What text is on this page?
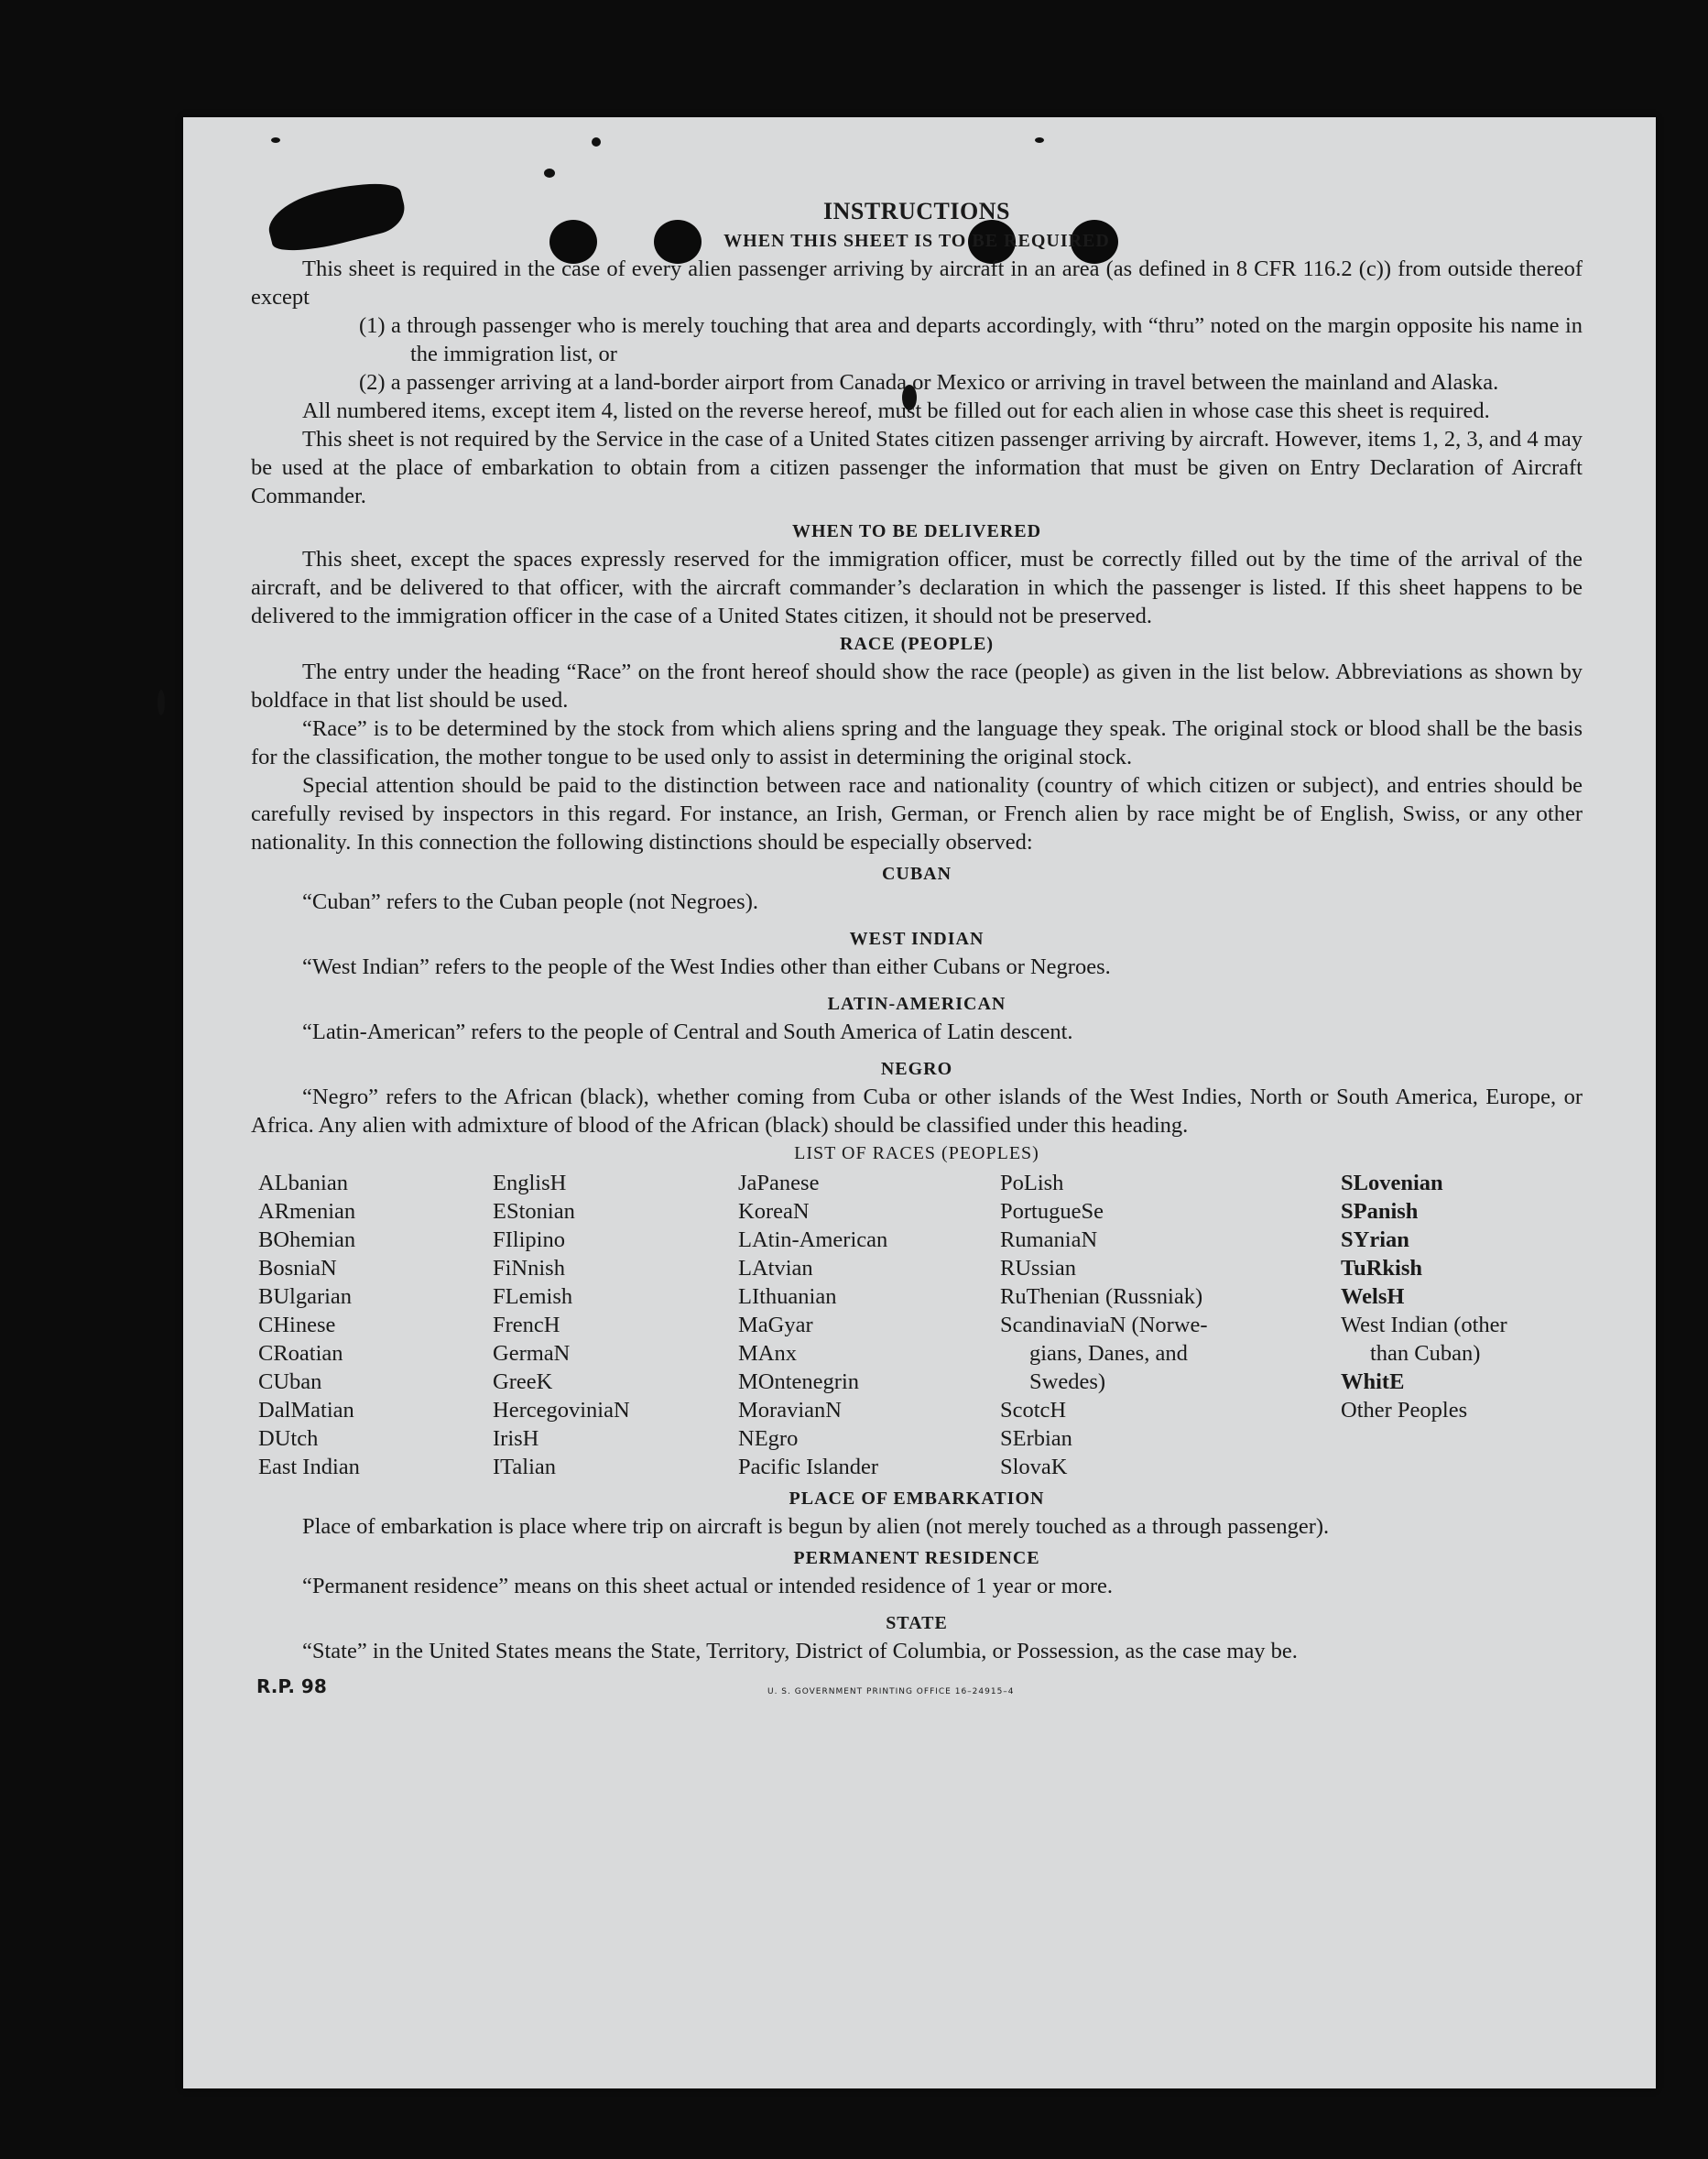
INSTRUCTIONS
WHEN THIS SHEET IS TO BE REQUIRED

This sheet is required in the case of every alien passenger arriving by aircraft in an area (as defined in 8 CFR 116.2 (c)) from outside thereof except

(1) a through passenger who is merely touching that area and departs accordingly, with “thru” noted on the margin opposite his name in the immigration list, or

(2) a passenger arriving at a land-border airport from Canada or Mexico or arriving in travel between the mainland and Alaska.

All numbered items, except item 4, listed on the reverse hereof, must be filled out for each alien in whose case this sheet is required.

This sheet is not required by the Service in the case of a United States citizen passenger arriving by aircraft. However, items 1, 2, 3, and 4 may be used at the place of embarkation to obtain from a citizen passenger the information that must be given on Entry Declaration of Aircraft Commander.

WHEN TO BE DELIVERED

This sheet, except the spaces expressly reserved for the immigration officer, must be correctly filled out by the time of the arrival of the aircraft, and be delivered to that officer, with the aircraft commander’s declaration in which the passenger is listed. If this sheet happens to be delivered to the immigration officer in the case of a United States citizen, it should not be preserved.

RACE (PEOPLE)

The entry under the heading “Race” on the front hereof should show the race (people) as given in the list below. Abbreviations as shown by boldface in that list should be used.

“Race” is to be determined by the stock from which aliens spring and the language they speak. The original stock or blood shall be the basis for the classification, the mother tongue to be used only to assist in determining the original stock.

Special attention should be paid to the distinction between race and nationality (country of which citizen or subject), and entries should be carefully revised by inspectors in this regard. For instance, an Irish, German, or French alien by race might be of English, Swiss, or any other nationality. In this connection the following distinctions should be especially observed:

CUBAN

“Cuban” refers to the Cuban people (not Negroes).

WEST INDIAN

“West Indian” refers to the people of the West Indies other than either Cubans or Negroes.

LATIN-AMERICAN

“Latin-American” refers to the people of Central and South America of Latin descent.

NEGRO

“Negro” refers to the African (black), whether coming from Cuba or other islands of the West Indies, North or South America, Europe, or Africa. Any alien with admixture of blood of the African (black) should be classified under this heading.

LIST OF RACES (PEOPLES)
ALbanian
ARmenian
BOhemian
BosniaN
BUlgarian
CHinese
CRoatian
CUban
DalMatian
DUtch
East Indian
EnglisH
EStonian
FIlipino
FiNnish
FLemish
FrencH
GermaN
GreeK
HercegoviniaN
IrisH
ITalian
JaPanese
KoreaN
LAtin-American
LAtvian
LIthuanian
MaGyar
MAnx
MOntenegrin
MoravianN
NEgro
Pacific Islander
PoLish
PortugueSe
RumaniaN
RUssian
RuThenian (Russniak)
ScandinaviaN (Norwe-
gians, Danes, and
Swedes)
ScotcH
SErbian
SlovaK
SLovenian
SPanish
SYrian
TuRkish
WelsH
West Indian (other
than Cuban)
WhitE
Other Peoples
PLACE OF EMBARKATION

Place of embarkation is place where trip on aircraft is begun by alien (not merely touched as a through passenger).

PERMANENT RESIDENCE

“Permanent residence” means on this sheet actual or intended residence of 1 year or more.

STATE

“State” in the United States means the State, Territory, District of Columbia, or Possession, as the case may be.

R.P. 98	U. S. GOVERNMENT PRINTING OFFICE 16–24915–4
